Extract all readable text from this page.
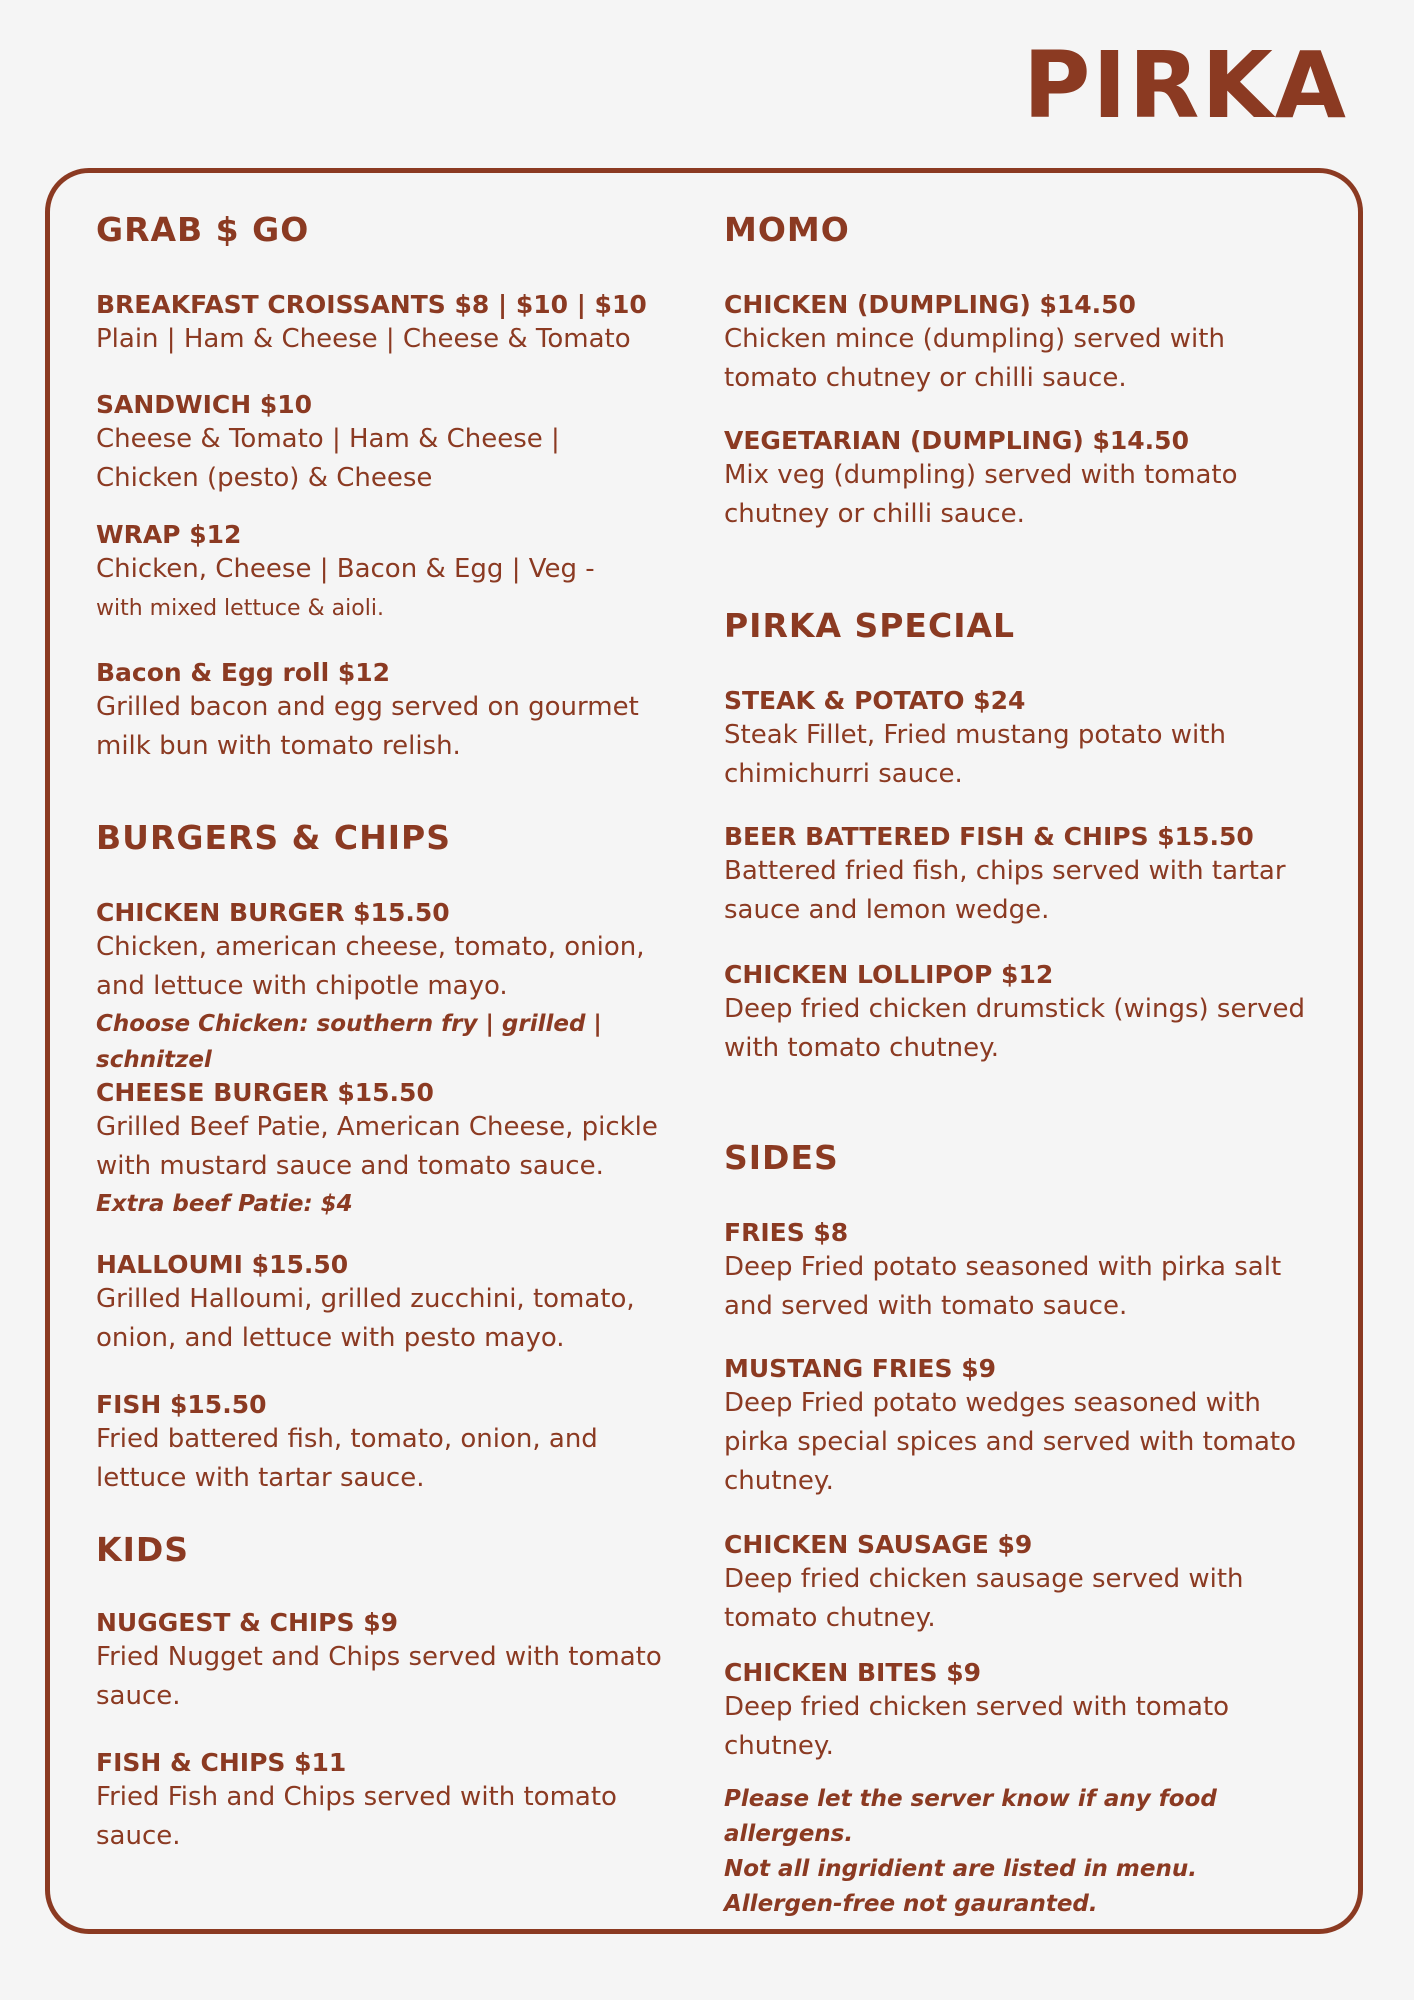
PIRKA
GRAB $ GO
BREAKFAST CROISSANTS $8 | $10 | $10
Plain | Ham & Cheese | Cheese & Tomato
SANDWICH $10
Cheese & Tomato | Ham & Cheese |
Chicken (pesto) & Cheese
WRAP $12
Chicken, Cheese | Bacon & Egg | Veg -
with mixed lettuce & aioli.
Bacon & Egg roll $12
Grilled bacon and egg served on gourmet
milk bun with tomato relish.
BURGERS & CHIPS
CHICKEN BURGER $15.50
Chicken, american cheese, tomato, onion,
and lettuce with chipotle mayo.
Choose Chicken: southern fry | grilled | schnitzel
CHEESE BURGER $15.50
Grilled Beef Patie, American Cheese, pickle
with mustard sauce and tomato sauce.
Extra beef Patie: $4
HALLOUMI $15.50
Grilled Halloumi, grilled zucchini, tomato,
onion, and lettuce with pesto mayo.
FISH $15.50
Fried battered fish, tomato, onion, and
lettuce with tartar sauce.
KIDS
NUGGEST & CHIPS $9
Fried Nugget and Chips served with tomato
sauce.
FISH & CHIPS $11
Fried Fish and Chips served with tomato
sauce.
MOMO
CHICKEN (DUMPLING) $14.50
Chicken mince (dumpling) served with
tomato chutney or chilli sauce.
VEGETARIAN (DUMPLING) $14.50
Mix veg (dumpling) served with tomato
chutney or chilli sauce.
PIRKA SPECIAL
STEAK & POTATO $24
Steak Fillet, Fried mustang potato with
chimichurri sauce.
BEER BATTERED FISH & CHIPS $15.50
Battered fried fish, chips served with tartar
sauce and lemon wedge.
CHICKEN LOLLIPOP $12
Deep fried chicken drumstick (wings) served
with tomato chutney.
SIDES
FRIES $8
Deep Fried potato seasoned with pirka salt
and served with tomato sauce.
MUSTANG FRIES $9
Deep Fried potato wedges seasoned with
pirka special spices and served with tomato
chutney.
CHICKEN SAUSAGE $9
Deep fried chicken sausage served with
tomato chutney.
CHICKEN BITES $9
Deep fried chicken served with tomato
chutney.
Please let the server know if any food allergens.
Not all ingridient are listed in menu.
Allergen-free not gauranted.
